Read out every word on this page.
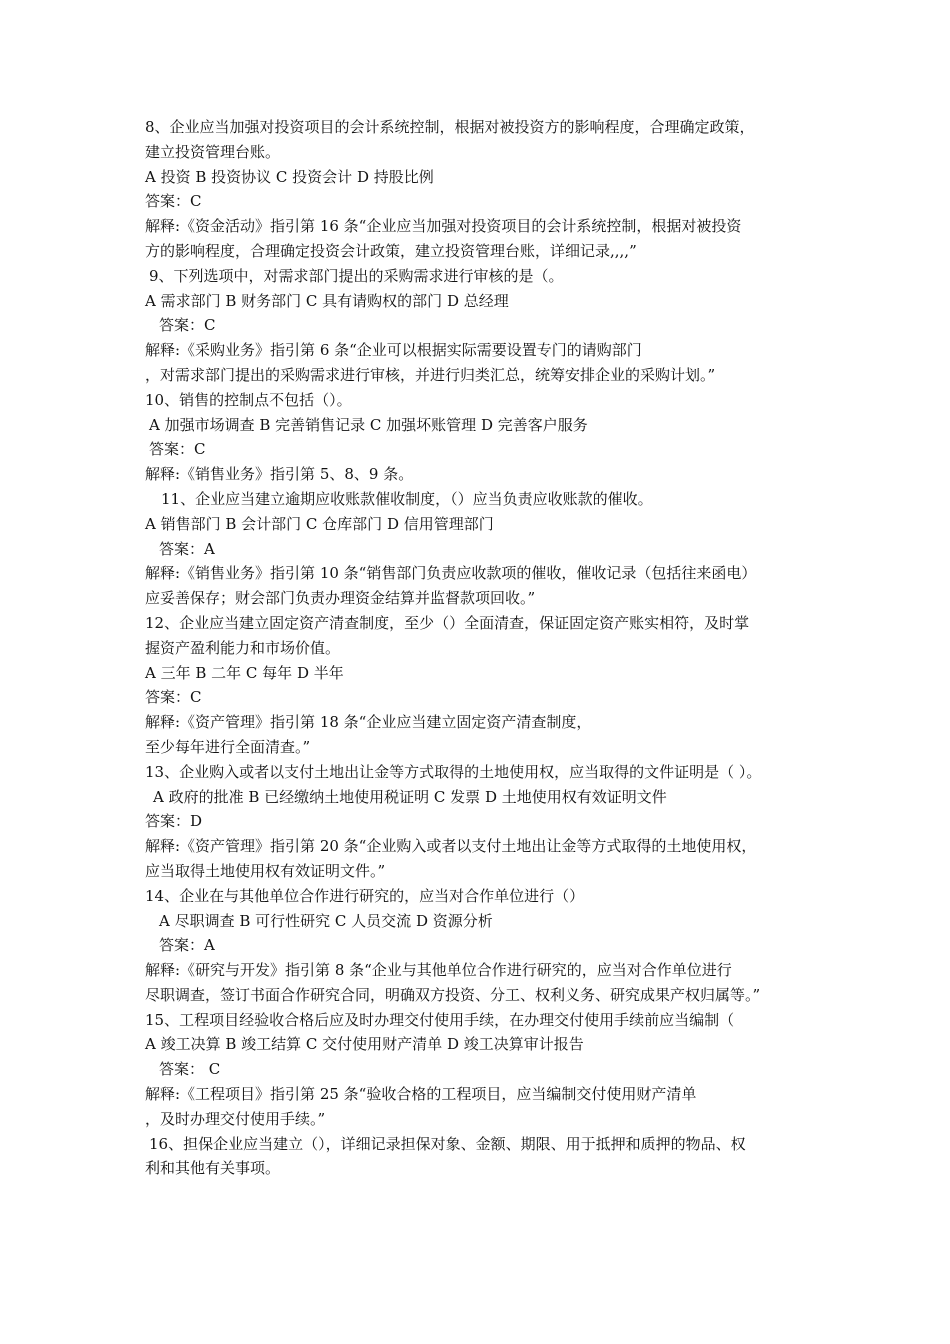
8、企业应当加强对投资项目的会计系统控制，根据对被投资方的影响程度，合理确定政策，
建立投资管理台账。
A 投资 B 投资协议 C 投资会计 D 持股比例
答案：C
解释:《资金活动》指引第 16 条“企业应当加强对投资项目的会计系统控制，根据对被投资
方的影响程度，合理确定投资会计政策，建立投资管理台账，详细记录,,,,”
9、下列选项中，对需求部门提出的采购需求进行审核的是（。
A 需求部门 B 财务部门 C 具有请购权的部门 D 总经理
答案：C
解释:《采购业务》指引第 6 条“企业可以根据实际需要设置专门的请购部门
，对需求部门提出的采购需求进行审核，并进行归类汇总，统筹安排企业的采购计划。”
10、销售的控制点不包括（）。
A 加强市场调查 B 完善销售记录 C 加强坏账管理 D 完善客户服务
答案：C
解释:《销售业务》指引第 5、8、9 条。
11、企业应当建立逾期应收账款催收制度，（）应当负责应收账款的催收。
A 销售部门 B 会计部门 C 仓库部门 D 信用管理部门
答案：A
解释:《销售业务》指引第 10 条“销售部门负责应收款项的催收，催收记录（包括往来函电）
应妥善保存；财会部门负责办理资金结算并监督款项回收。”
12、企业应当建立固定资产清查制度，至少（）全面清查，保证固定资产账实相符，及时掌
握资产盈利能力和市场价值。
A 三年 B 二年 C 每年 D 半年
答案：C
解释:《资产管理》指引第 18 条“企业应当建立固定资产清查制度，
至少每年进行全面清查。”
13、企业购入或者以支付土地出让金等方式取得的土地使用权，应当取得的文件证明是（ ）。
A 政府的批准 B 已经缴纳土地使用税证明 C 发票 D 土地使用权有效证明文件
答案：D
解释:《资产管理》指引第 20 条“企业购入或者以支付土地出让金等方式取得的土地使用权，
应当取得土地使用权有效证明文件。”
14、企业在与其他单位合作进行研究的，应当对合作单位进行（）
A 尽职调查 B 可行性研究 C 人员交流 D 资源分析
答案：A
解释:《研究与开发》指引第 8 条“企业与其他单位合作进行研究的，应当对合作单位进行
尽职调查，签订书面合作研究合同，明确双方投资、分工、权利义务、研究成果产权归属等。”
15、工程项目经验收合格后应及时办理交付使用手续，在办理交付使用手续前应当编制（
A 竣工决算 B 竣工结算 C 交付使用财产清单 D 竣工决算审计报告
答案： C
解释:《工程项目》指引第 25 条“验收合格的工程项目，应当编制交付使用财产清单
，及时办理交付使用手续。”
16、担保企业应当建立（），详细记录担保对象、金额、期限、用于抵押和质押的物品、权
利和其他有关事项。
